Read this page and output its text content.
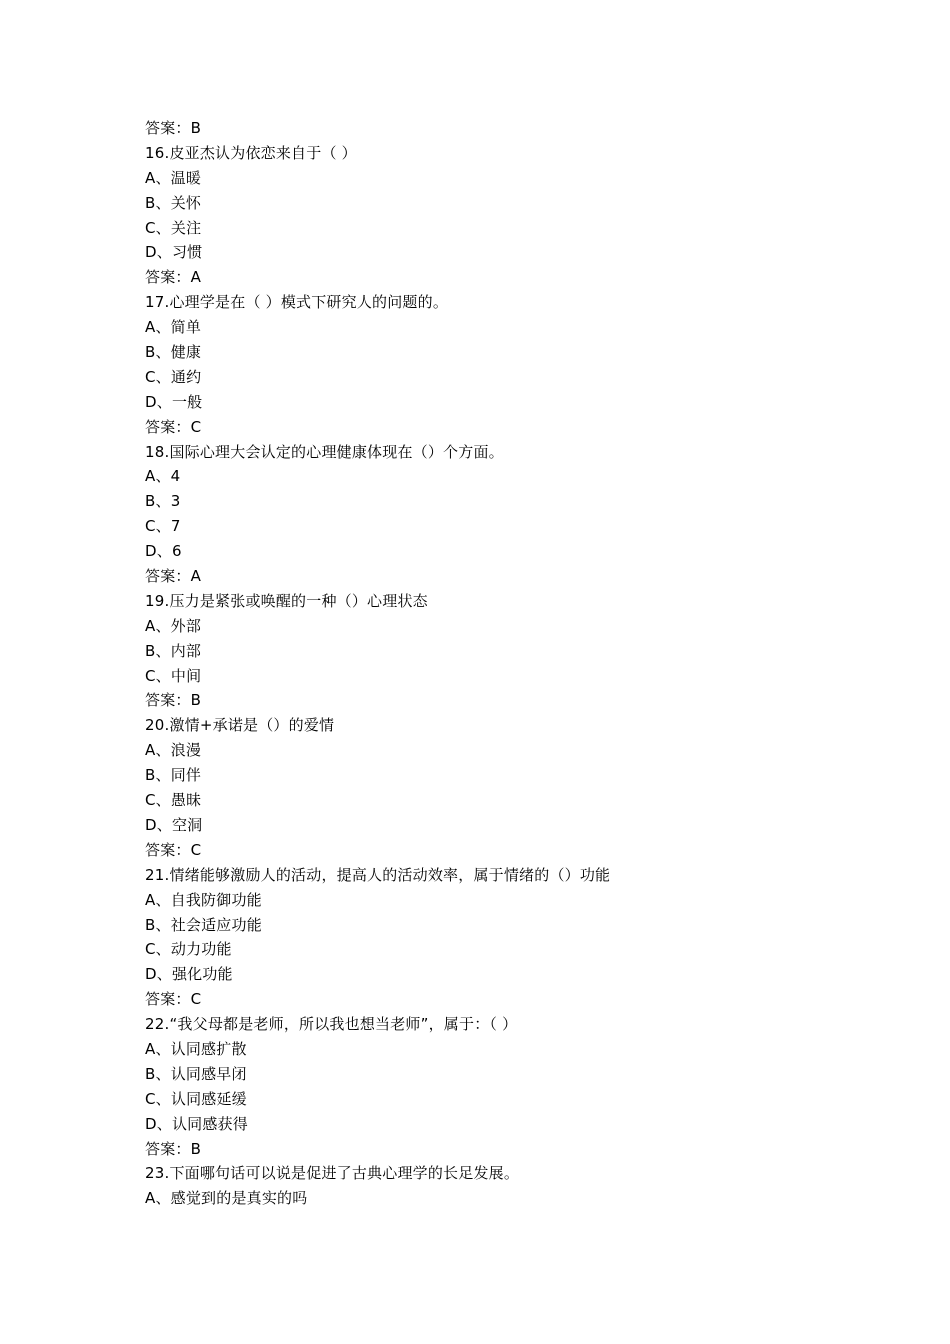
答案：B
16.皮亚杰认为依恋来自于（ ）
A、温暖
B、关怀
C、关注
D、习惯
答案：A
17.心理学是在（ ）模式下研究人的问题的。
A、简单
B、健康
C、通约
D、一般
答案：C
18.国际心理大会认定的心理健康体现在（）个方面。
A、4
B、3
C、7
D、6
答案：A
19.压力是紧张或唤醒的一种（）心理状态
A、外部
B、内部
C、中间
答案：B
20.激情+承诺是（）的爱情
A、浪漫
B、同伴
C、愚昧
D、空洞
答案：C
21.情绪能够激励人的活动，提高人的活动效率，属于情绪的（）功能
A、自我防御功能
B、社会适应功能
C、动力功能
D、强化功能
答案：C
22.“我父母都是老师，所以我也想当老师”，属于：（ ）
A、认同感扩散
B、认同感早闭
C、认同感延缓
D、认同感获得
答案：B
23.下面哪句话可以说是促进了古典心理学的长足发展。
A、感觉到的是真实的吗
